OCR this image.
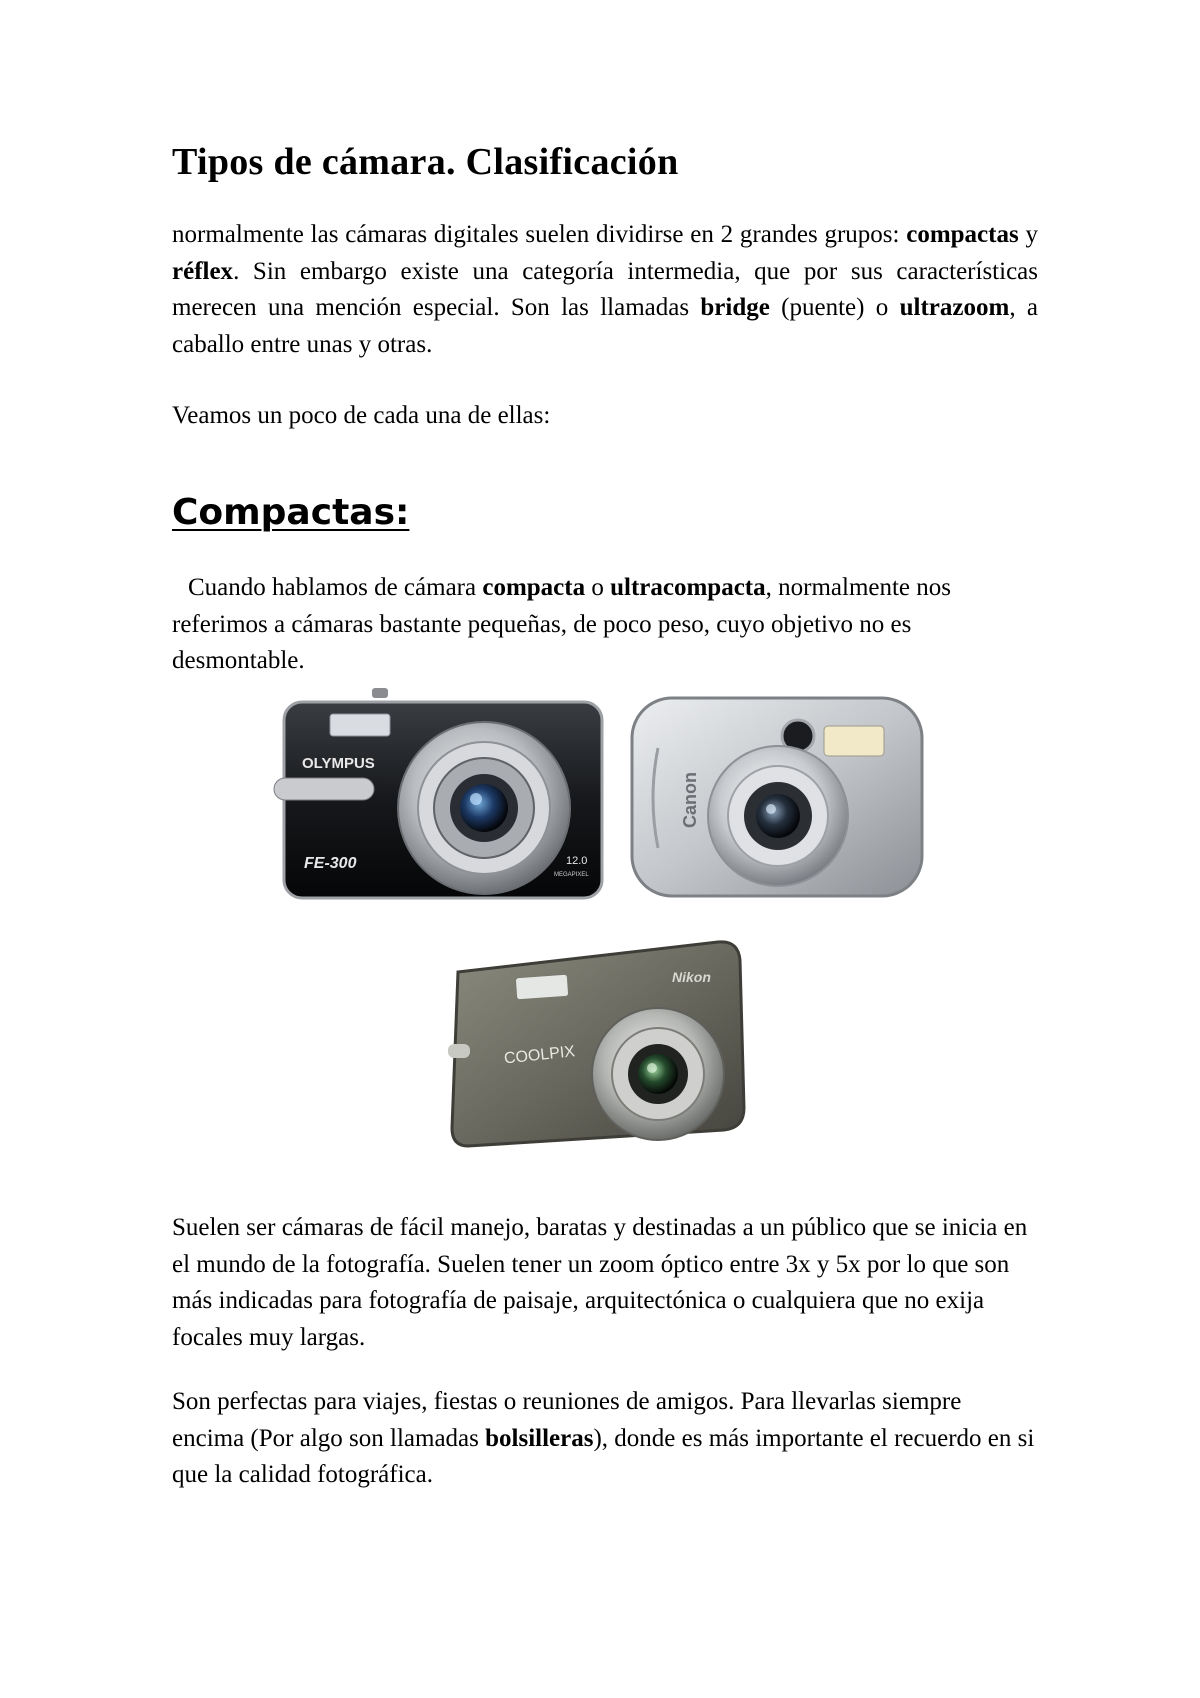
Tipos de cámara. Clasificación

normalmente las cámaras digitales suelen dividirse en 2 grandes grupos: compactas y réflex. Sin embargo existe una categoría intermedia, que por sus características merecen una mención especial. Son las llamadas bridge (puente) o ultrazoom, a caballo entre unas y otras.

Veamos un poco de cada una de ellas:

Compactas:

Cuando hablamos de cámara compacta o ultracompacta, normalmente nos referimos a cámaras bastante pequeñas, de poco peso, cuyo objetivo no es desmontable.

OLYMPUS
FE-300	12.0
MEGAPIXEL
Canon
COOLPIX
Nikon

Suelen ser cámaras de fácil manejo, baratas y destinadas a un público que se inicia en el mundo de la fotografía. Suelen tener un zoom óptico entre 3x y 5x por lo que son más indicadas para fotografía de paisaje, arquitectónica o cualquiera que no exija focales muy largas.

Son perfectas para viajes, fiestas o reuniones de amigos. Para llevarlas siempre encima (Por algo son llamadas bolsilleras), donde es más importante el recuerdo en si que la calidad fotográfica.
